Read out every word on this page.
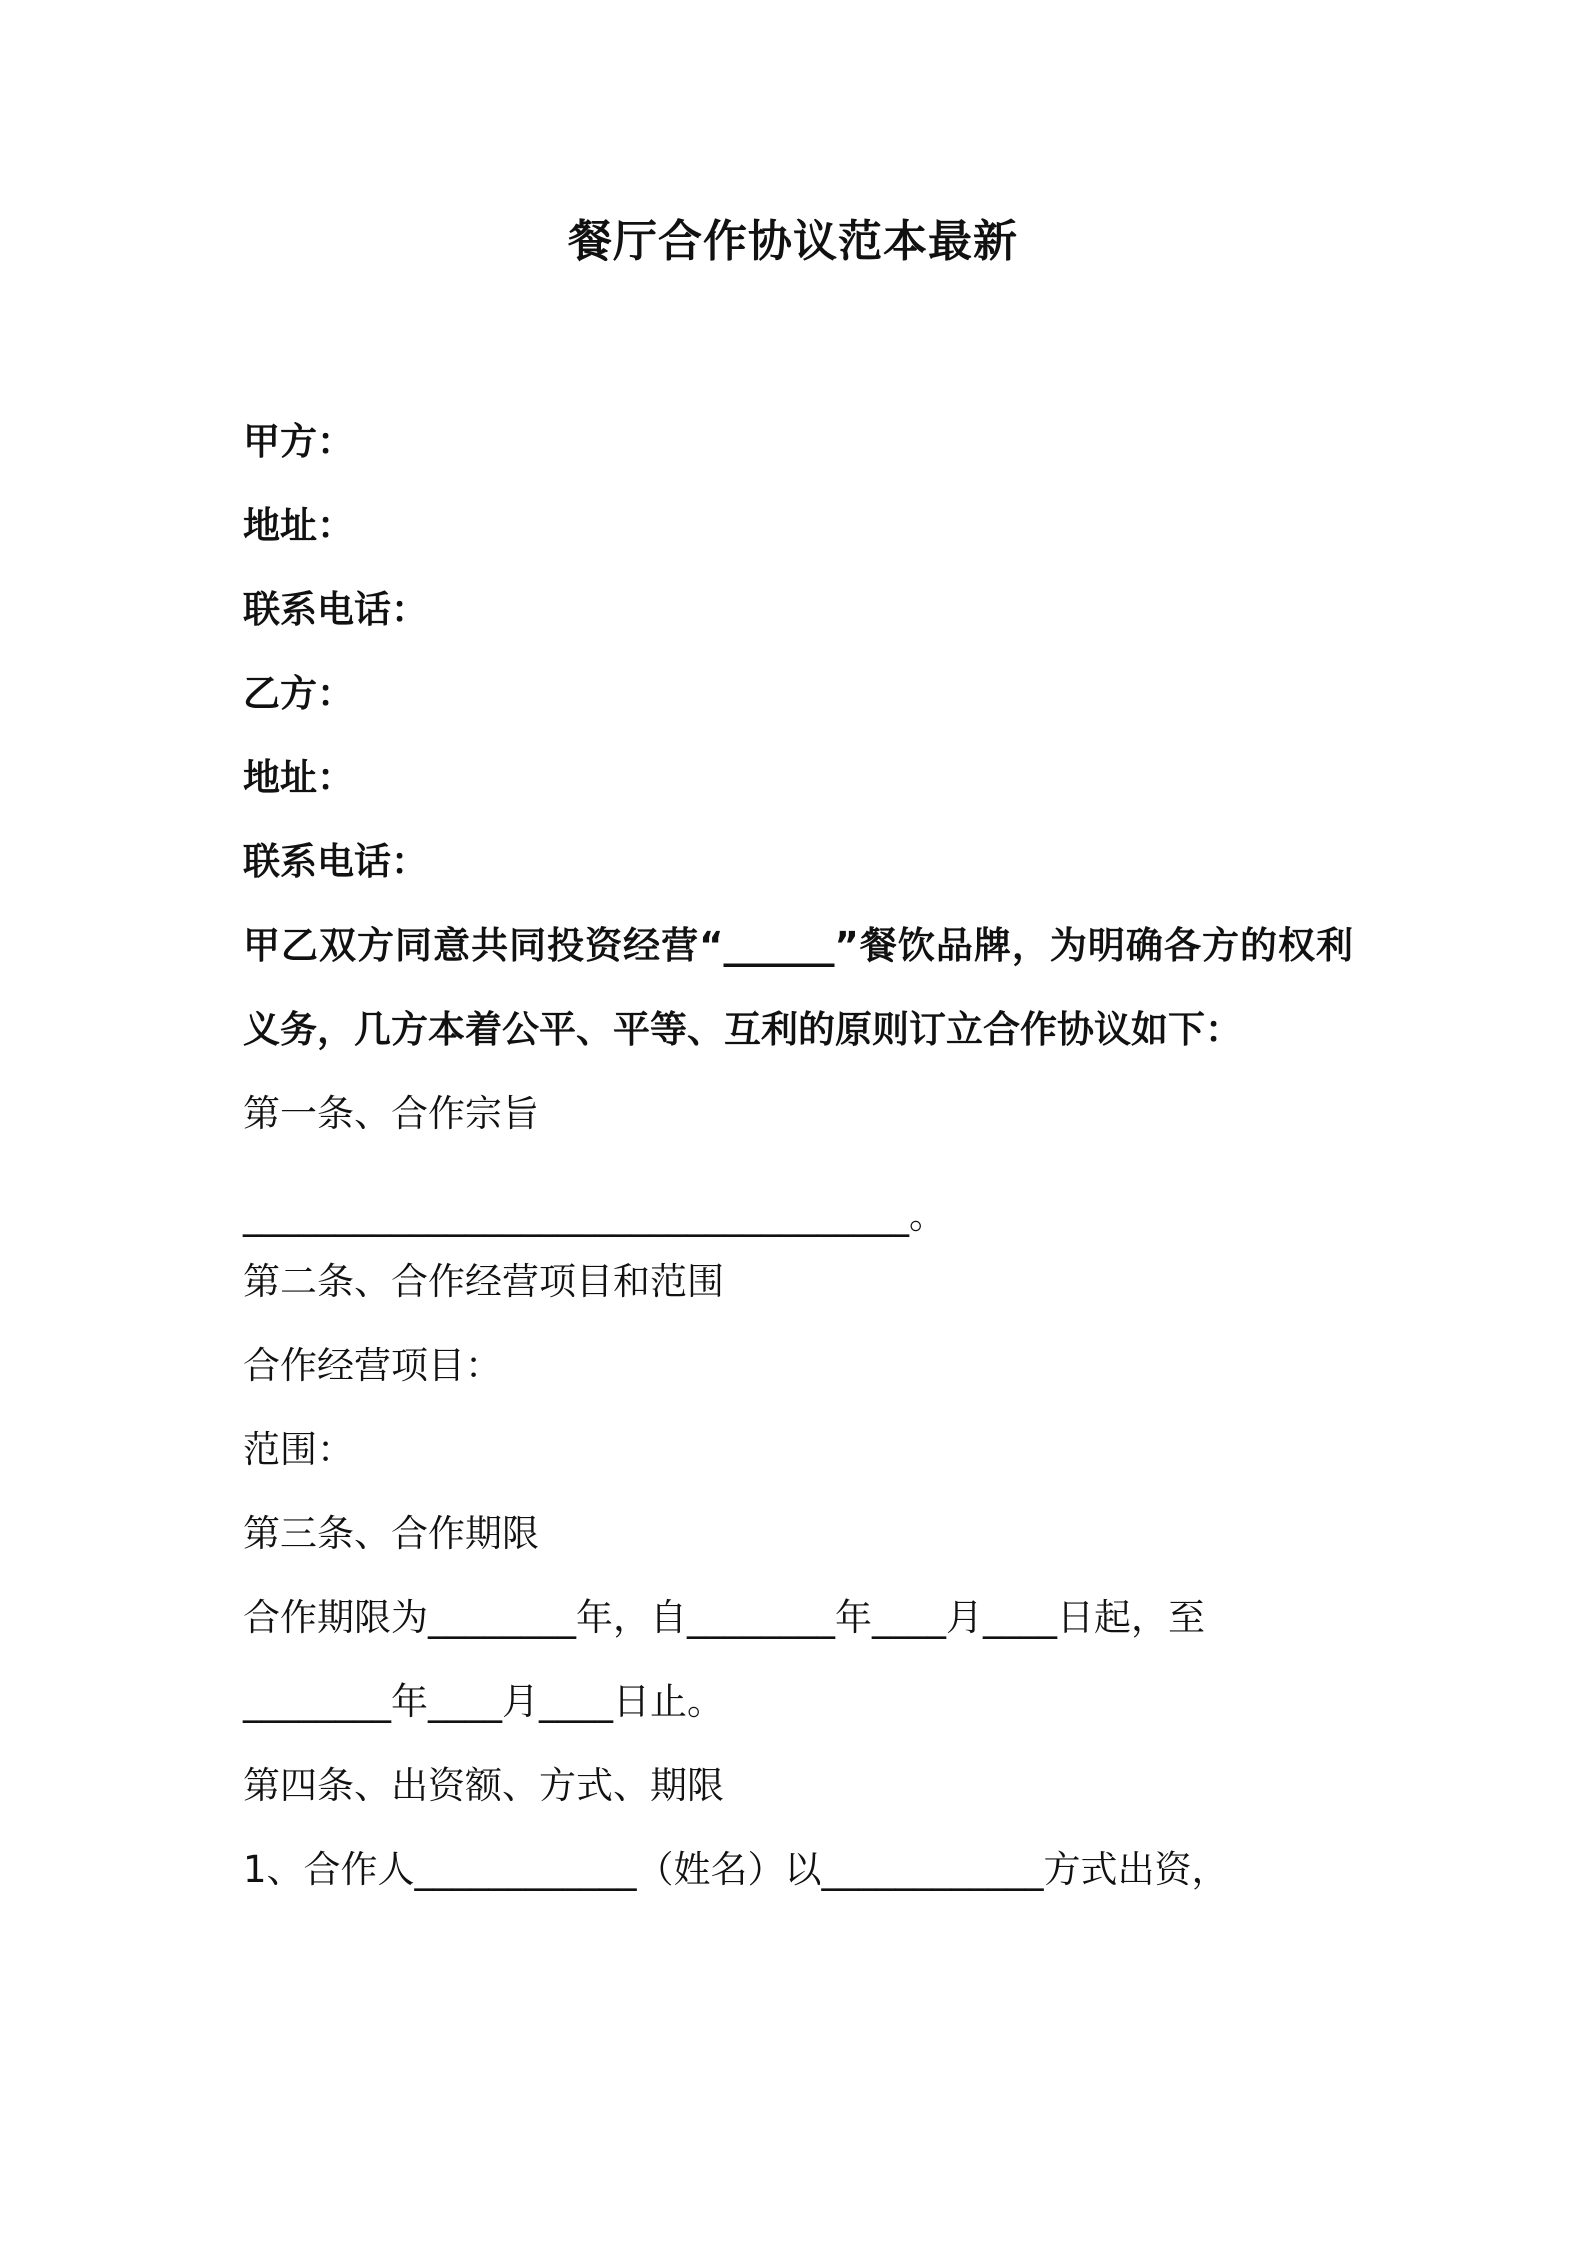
餐厅合作协议范本最新
甲方：
地址：
联系电话：
乙方：
地址：
联系电话：
甲乙双方同意共同投资经营“______”餐饮品牌，为明确各方的权利义务，几方本着公平、平等、互利的原则订立合作协议如下：
第一条、合作宗旨
____________________________________。
第二条、合作经营项目和范围
合作经营项目：
范围：
第三条、合作期限
合作期限为________年，自________年____月____日起，至
________年____月____日止。
第四条、出资额、方式、期限
1、合作人____________（姓名）以____________方式出资，
